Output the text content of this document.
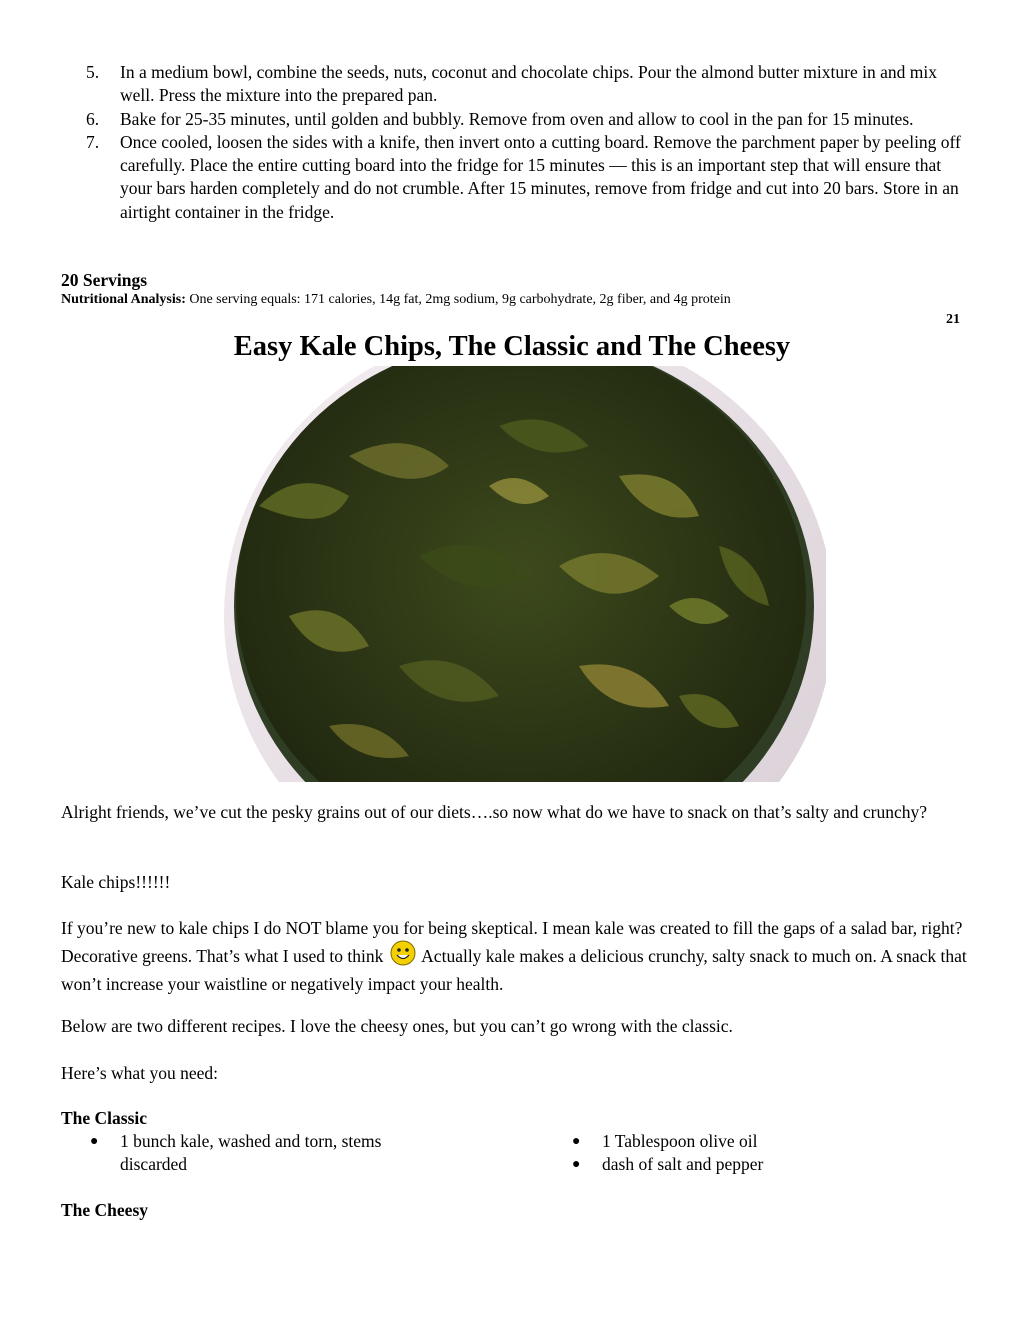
5.	In a medium bowl, combine the seeds, nuts, coconut and chocolate chips. Pour the almond butter mixture in and mix well. Press the mixture into the prepared pan.
6.	Bake for 25-35 minutes, until golden and bubbly. Remove from oven and allow to cool in the pan for 15 minutes.
7.	Once cooled, loosen the sides with a knife, then invert onto a cutting board. Remove the parchment paper by peeling off carefully. Place the entire cutting board into the fridge for 15 minutes — this is an important step that will ensure that your bars harden completely and do not crumble. After 15 minutes, remove from fridge and cut into 20 bars. Store in an airtight container in the fridge.
20 Servings
Nutritional Analysis: One serving equals: 171 calories, 14g fat, 2mg sodium, 9g carbohydrate, 2g fiber, and 4g protein
21
Easy Kale Chips, The Classic and The Cheesy
Alright friends, we’ve cut the pesky grains out of our diets….so now what do we have to snack on that’s salty and crunchy?
Kale chips!!!!!!
If you’re new to kale chips I do NOT blame you for being skeptical. I mean kale was created to fill the gaps of a salad bar, right? Decorative greens. That’s what I used to think Actually kale makes a delicious crunchy, salty snack to much on. A snack that won’t increase your waistline or negatively impact your health.
Below are two different recipes. I love the cheesy ones, but you can’t go wrong with the classic.
Here’s what you need:
The Classic
●	1 bunch kale, washed and torn, stems discarded
●	1 Tablespoon olive oil
●	dash of salt and pepper
The Cheesy
